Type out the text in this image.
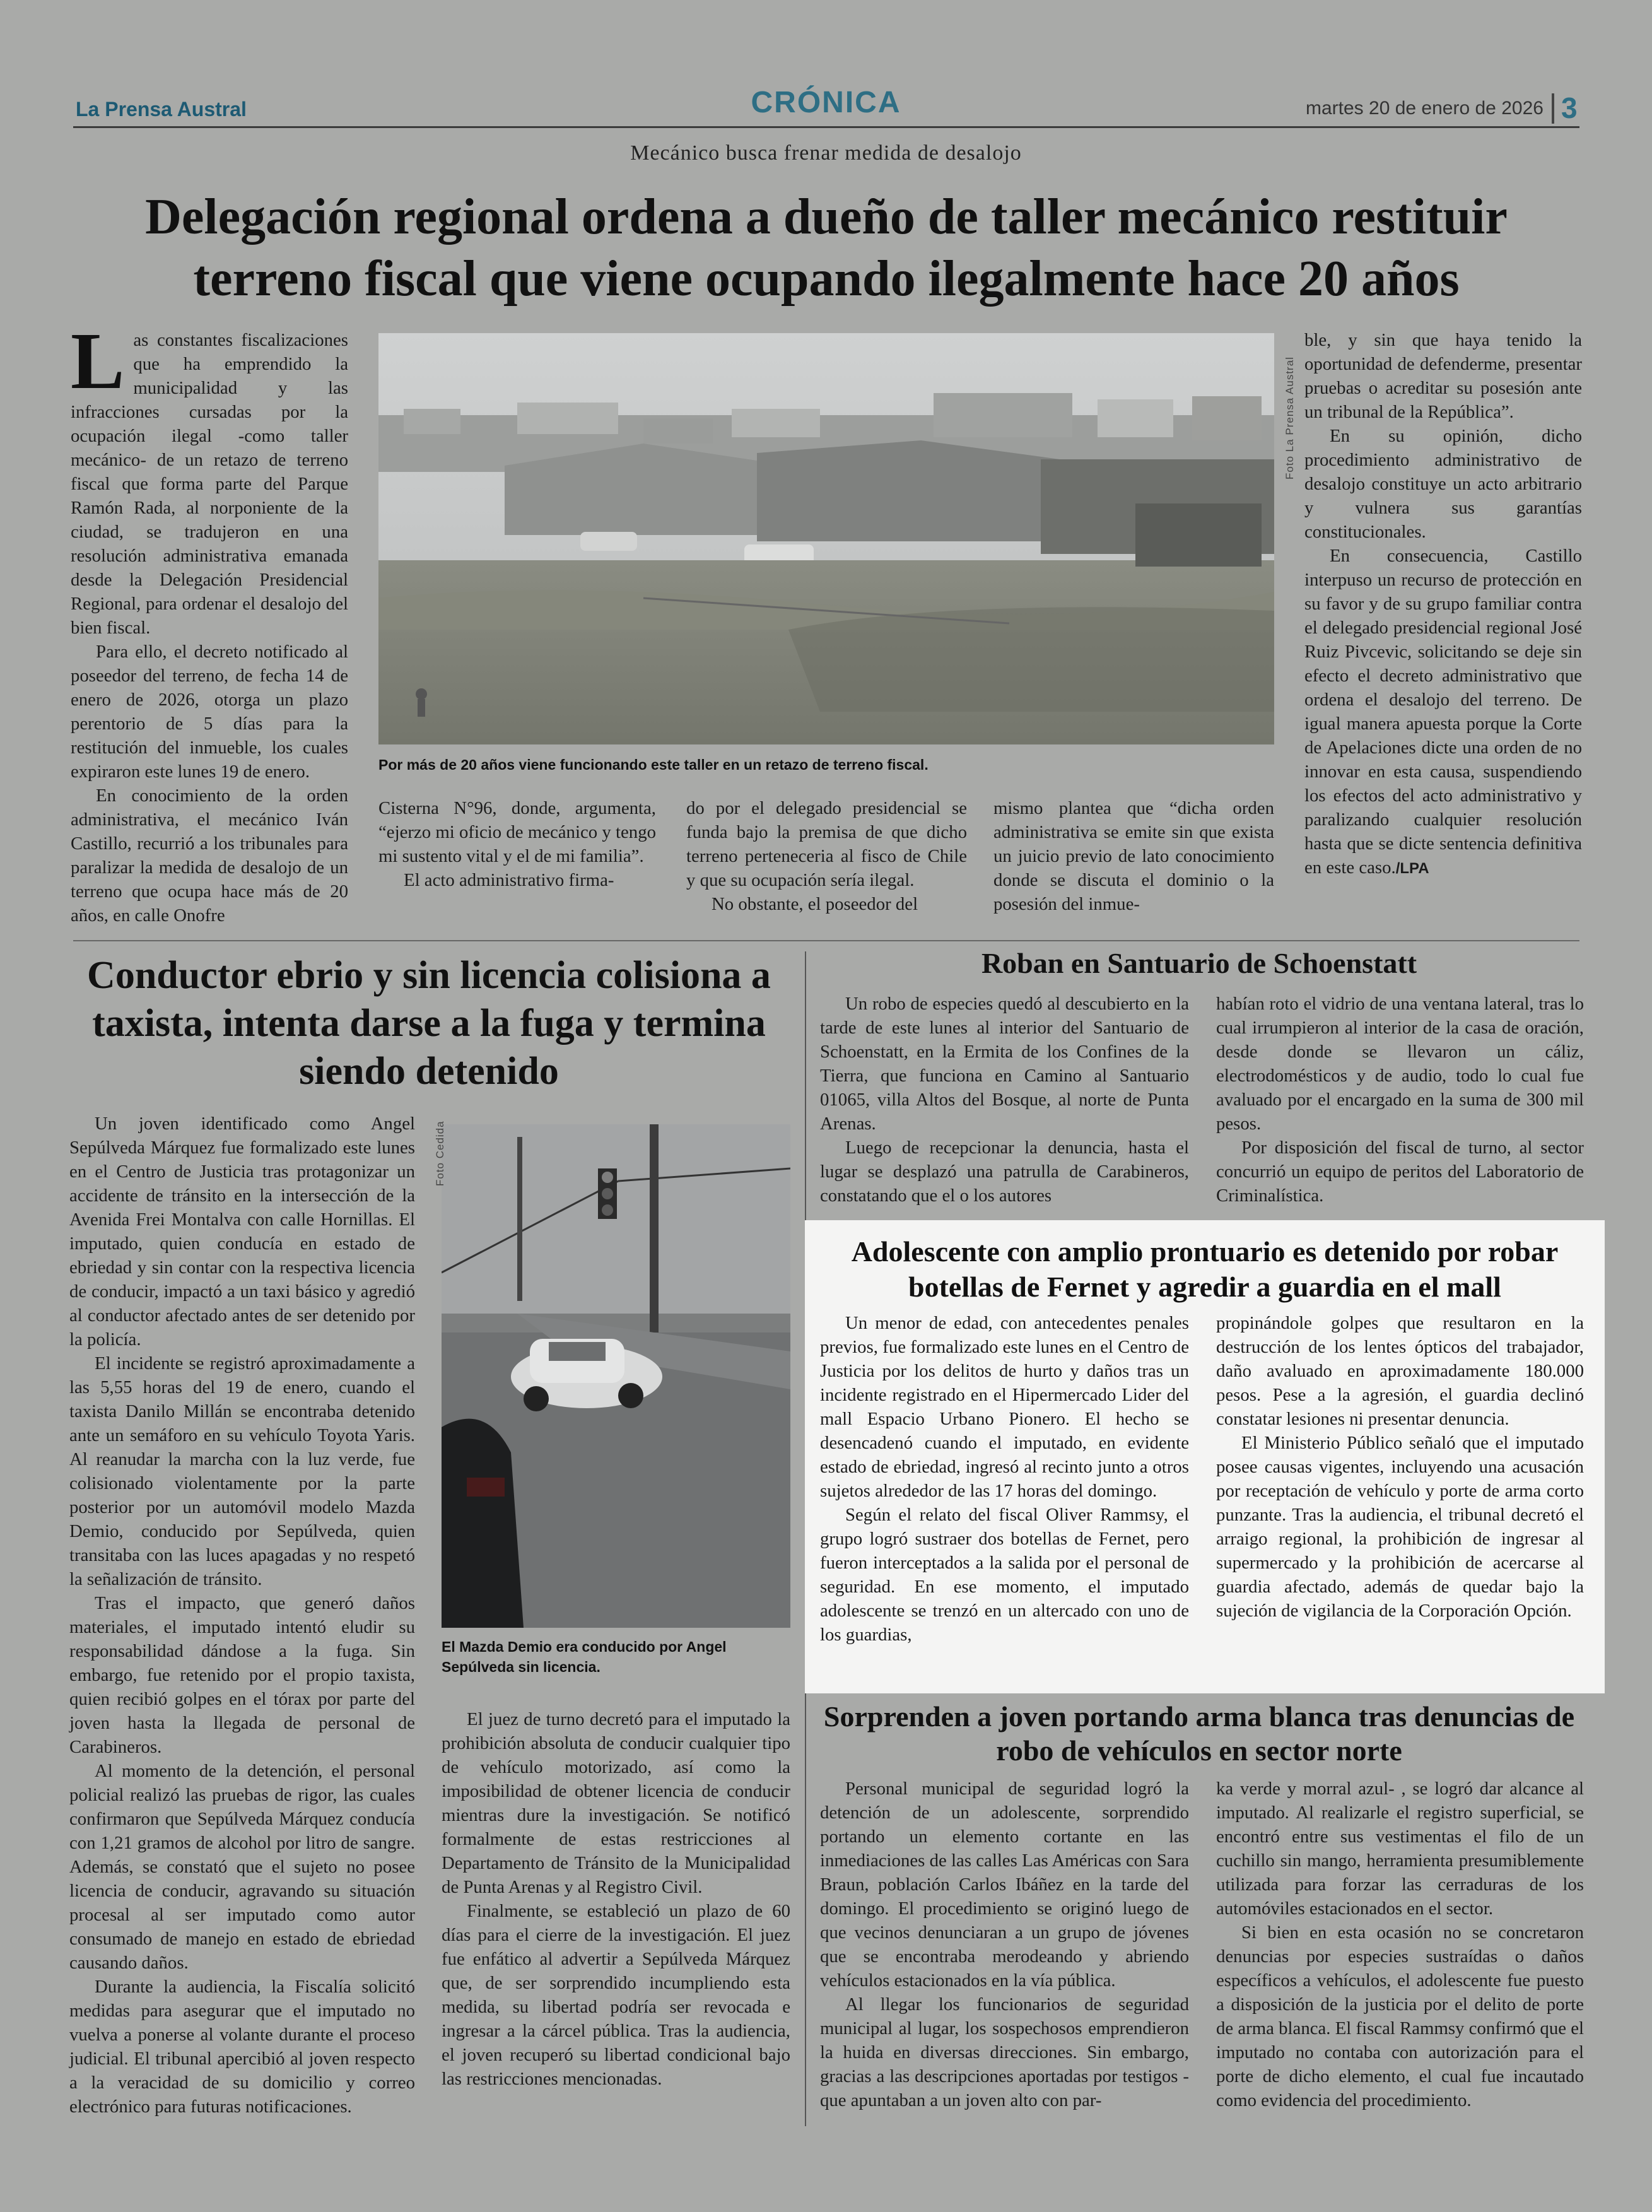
La Prensa Austral	CRÓNICA	martes 20 de enero de 2026 3
Mecánico busca frenar medida de desalojo
Delegación regional ordena a dueño de taller mecánico restituir terreno fiscal que viene ocupando ilegalmente hace 20 años

Las constantes fiscalizaciones que ha emprendido la municipalidad y las infracciones cursadas por la ocupación ilegal -como taller mecánico- de un retazo de terreno fiscal que forma parte del Parque Ramón Rada, al norponiente de la ciudad, se tradujeron en una resolución administrativa emanada desde la Delegación Presidencial Regional, para ordenar el desalojo del bien fiscal.

Para ello, el decreto notificado al poseedor del terreno, de fecha 14 de enero de 2026, otorga un plazo perentorio de 5 días para la restitución del inmueble, los cuales expiraron este lunes 19 de enero.

En conocimiento de la orden administrativa, el mecánico Iván Castillo, recurrió a los tribunales para paralizar la medida de desalojo de un terreno que ocupa hace más de 20 años, en calle Onofre

Foto La Prensa Austral
Por más de 20 años viene funcionando este taller en un retazo de terreno fiscal.

Cisterna N°96, donde, argumenta, “ejerzo mi oficio de mecánico y tengo mi sustento vital y el de mi familia”.

El acto administrativo firma-

do por el delegado presidencial se funda bajo la premisa de que dicho terreno perteneceria al fisco de Chile y que su ocupación sería ilegal.

No obstante, el poseedor del

mismo plantea que “dicha orden administrativa se emite sin que exista un juicio previo de lato conocimiento donde se discuta el dominio o la posesión del inmue-

ble, y sin que haya tenido la oportunidad de defenderme, presentar pruebas o acreditar su posesión ante un tribunal de la República”.

En su opinión, dicho procedimiento administrativo de desalojo constituye un acto arbitrario y vulnera sus garantías constitucionales.

En consecuencia, Castillo interpuso un recurso de protección en su favor y de su grupo familiar contra el delegado presidencial regional José Ruiz Pivcevic, solicitando se deje sin efecto el decreto administrativo que ordena el desalojo del terreno. De igual manera apuesta porque la Corte de Apelaciones dicte una orden de no innovar en esta causa, suspendiendo los efectos del acto administrativo y paralizando cualquier resolución hasta que se dicte sentencia definitiva en este caso./LPA

Conductor ebrio y sin licencia colisiona a taxista, intenta darse a la fuga y termina siendo detenido

Un joven identificado como Angel Sepúlveda Márquez fue formalizado este lunes en el Centro de Justicia tras protagonizar un accidente de tránsito en la intersección de la Avenida Frei Montalva con calle Hornillas. El imputado, quien conducía en estado de ebriedad y sin contar con la respectiva licencia de conducir, impactó a un taxi básico y agredió al conductor afectado antes de ser detenido por la policía.

El incidente se registró aproximadamente a las 5,55 horas del 19 de enero, cuando el taxista Danilo Millán se encontraba detenido ante un semáforo en su vehículo Toyota Yaris. Al reanudar la marcha con la luz verde, fue colisionado violentamente por la parte posterior por un automóvil modelo Mazda Demio, conducido por Sepúlveda, quien transitaba con las luces apagadas y no respetó la señalización de tránsito.

Tras el impacto, que generó daños materiales, el imputado intentó eludir su responsabilidad dándose a la fuga. Sin embargo, fue retenido por el propio taxista, quien recibió golpes en el tórax por parte del joven hasta la llegada de personal de Carabineros.

Al momento de la detención, el personal policial realizó las pruebas de rigor, las cuales confirmaron que Sepúlveda Márquez conducía con 1,21 gramos de alcohol por litro de sangre. Además, se constató que el sujeto no posee licencia de conducir, agravando su situación procesal al ser imputado como autor consumado de manejo en estado de ebriedad causando daños.

Durante la audiencia, la Fiscalía solicitó medidas para asegurar que el imputado no vuelva a ponerse al volante durante el proceso judicial. El tribunal apercibió al joven respecto a la veracidad de su domicilio y correo electrónico para futuras notificaciones.

Foto Cedida
El Mazda Demio era conducido por Angel Sepúlveda sin licencia.

El juez de turno decretó para el imputado la prohibición absoluta de conducir cualquier tipo de vehículo motorizado, así como la imposibilidad de obtener licencia de conducir mientras dure la investigación. Se notificó formalmente de estas restricciones al Departamento de Tránsito de la Municipalidad de Punta Arenas y al Registro Civil.

Finalmente, se estableció un plazo de 60 días para el cierre de la investigación. El juez fue enfático al advertir a Sepúlveda Márquez que, de ser sorprendido incumpliendo esta medida, su libertad podría ser revocada e ingresar a la cárcel pública. Tras la audiencia, el joven recuperó su libertad condicional bajo las restricciones mencionadas.

Roban en Santuario de Schoenstatt

Un robo de especies quedó al descubierto en la tarde de este lunes al interior del Santuario de Schoenstatt, en la Ermita de los Confines de la Tierra, que funciona en Camino al Santuario 01065, villa Altos del Bosque, al norte de Punta Arenas.

Luego de recepcionar la denuncia, hasta el lugar se desplazó una patrulla de Carabineros, constatando que el o los autores

habían roto el vidrio de una ventana lateral, tras lo cual irrumpieron al interior de la casa de oración, desde donde se llevaron un cáliz, electrodomésticos y de audio, todo lo cual fue avaluado por el encargado en la suma de 300 mil pesos.

Por disposición del fiscal de turno, al sector concurrió un equipo de peritos del Laboratorio de Criminalística.

Adolescente con amplio prontuario es detenido por robar botellas de Fernet y agredir a guardia en el mall

Un menor de edad, con antecedentes penales previos, fue formalizado este lunes en el Centro de Justicia por los delitos de hurto y daños tras un incidente registrado en el Hipermercado Lider del mall Espacio Urbano Pionero. El hecho se desencadenó cuando el imputado, en evidente estado de ebriedad, ingresó al recinto junto a otros sujetos alrededor de las 17 horas del domingo.

Según el relato del fiscal Oliver Rammsy, el grupo logró sustraer dos botellas de Fernet, pero fueron interceptados a la salida por el personal de seguridad. En ese momento, el imputado adolescente se trenzó en un altercado con uno de los guardias,

propinándole golpes que resultaron en la destrucción de los lentes ópticos del trabajador, daño avaluado en aproximadamente 180.000 pesos. Pese a la agresión, el guardia declinó constatar lesiones ni presentar denuncia.

El Ministerio Público señaló que el imputado posee causas vigentes, incluyendo una acusación por receptación de vehículo y porte de arma corto punzante. Tras la audiencia, el tribunal decretó el arraigo regional, la prohibición de ingresar al supermercado y la prohibición de acercarse al guardia afectado, además de quedar bajo la sujeción de vigilancia de la Corporación Opción.

Sorprenden a joven portando arma blanca tras denuncias de robo de vehículos en sector norte

Personal municipal de seguridad logró la detención de un adolescente, sorprendido portando un elemento cortante en las inmediaciones de las calles Las Américas con Sara Braun, población Carlos Ibáñez en la tarde del domingo. El procedimiento se originó luego de que vecinos denunciaran a un grupo de jóvenes que se encontraba merodeando y abriendo vehículos estacionados en la vía pública.

Al llegar los funcionarios de seguridad municipal al lugar, los sospechosos emprendieron la huida en diversas direcciones. Sin embargo, gracias a las descripciones aportadas por testigos -que apuntaban a un joven alto con par-

ka verde y morral azul- , se logró dar alcance al imputado. Al realizarle el registro superficial, se encontró entre sus vestimentas el filo de un cuchillo sin mango, herramienta presumiblemente utilizada para forzar las cerraduras de los automóviles estacionados en el sector.

Si bien en esta ocasión no se concretaron denuncias por especies sustraídas o daños específicos a vehículos, el adolescente fue puesto a disposición de la justicia por el delito de porte de arma blanca. El fiscal Rammsy confirmó que el imputado no contaba con autorización para el porte de dicho elemento, el cual fue incautado como evidencia del procedimiento.
